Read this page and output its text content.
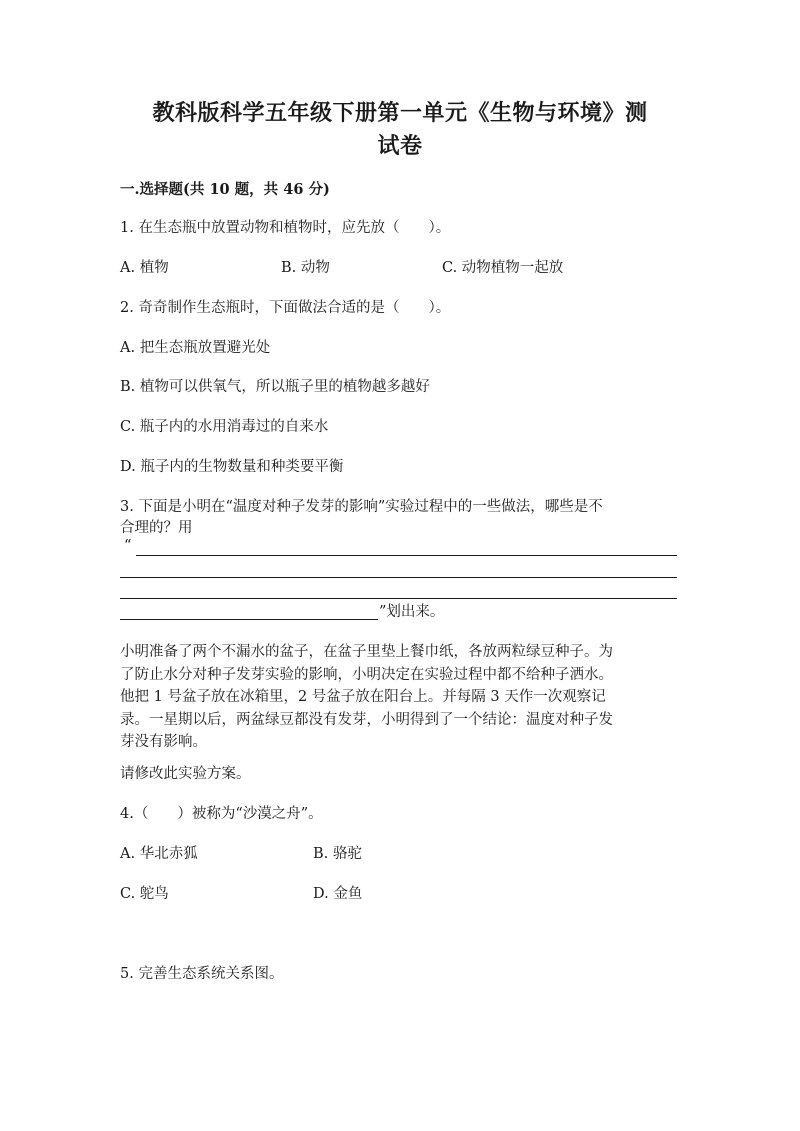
教科版科学五年级下册第一单元《生物与环境》测
试卷
一.选择题(共 10 题，共 46 分)
1. 在生态瓶中放置动物和植物时，应先放（　　）。
A. 植物	B. 动物	C. 动物植物一起放
2. 奇奇制作生态瓶时，下面做法合适的是（　　）。
A. 把生态瓶放置避光处
B. 植物可以供氧气，所以瓶子里的植物越多越好
C. 瓶子内的水用消毒过的自来水
D. 瓶子内的生物数量和种类要平衡
3. 下面是小明在“温度对种子发芽的影响”实验过程中的一些做法，哪些是不
合理的？用
“
”划出来。
小明准备了两个不漏水的盆子，在盆子里垫上餐巾纸，各放两粒绿豆种子。为
了防止水分对种子发芽实验的影响，小明决定在实验过程中都不给种子洒水。
他把 1 号盆子放在冰箱里，2 号盆子放在阳台上。并每隔 3 天作一次观察记
录。一星期以后，两盆绿豆都没有发芽，小明得到了一个结论：温度对种子发
芽没有影响。
请修改此实验方案。
4.（　　）被称为“沙漠之舟”。
A. 华北赤狐	B. 骆驼
C. 鸵鸟	D. 金鱼
5. 完善生态系统关系图。
